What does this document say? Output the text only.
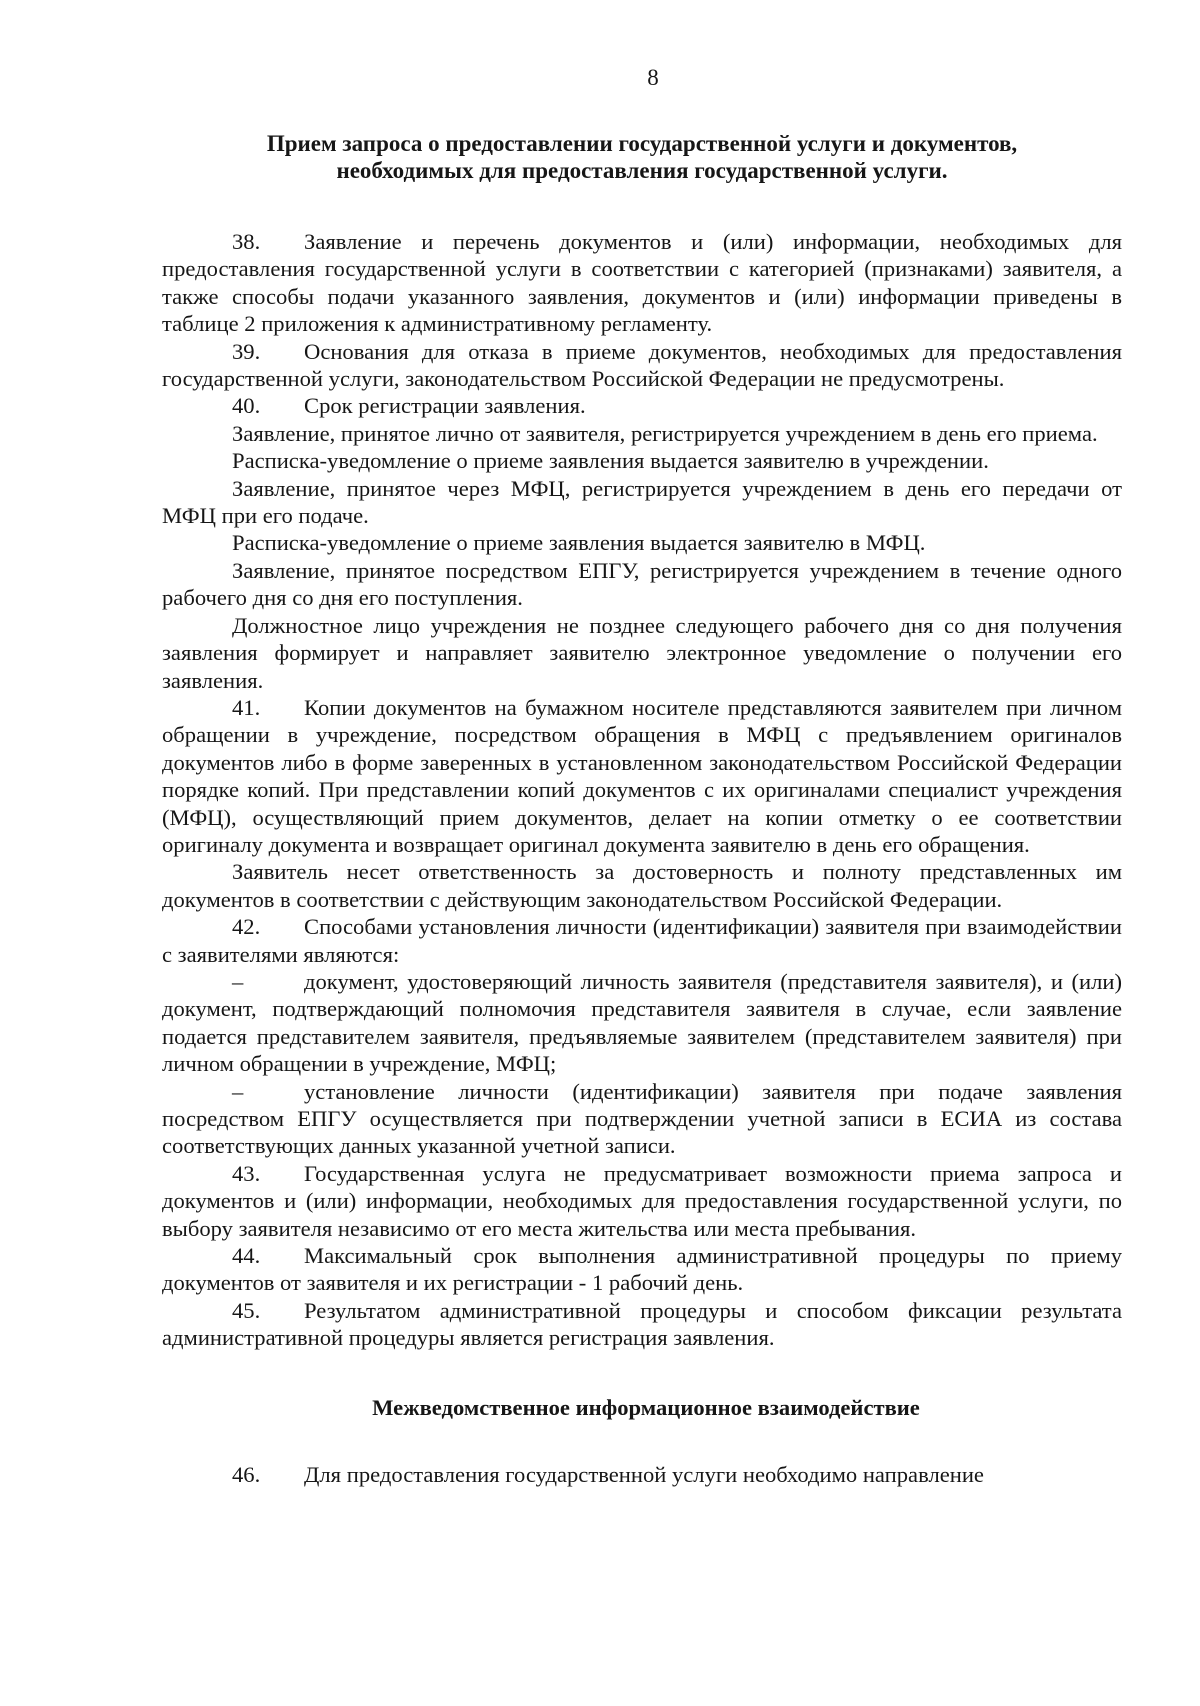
8
Прием запроса о предоставлении государственной услуги и документов,
необходимых для предоставления государственной услуги.

38. Заявление и перечень документов и (или) информации, необходимых для предоставления государственной услуги в соответствии с категорией (признаками) заявителя, а также способы подачи указанного заявления, документов и (или) информации приведены в таблице 2 приложения к административному регламенту.

39. Основания для отказа в приеме документов, необходимых для предоставления государственной услуги, законодательством Российской Федерации не предусмотрены.

40. Срок регистрации заявления.

Заявление, принятое лично от заявителя, регистрируется учреждением в день его приема.

Расписка-уведомление о приеме заявления выдается заявителю в учреждении.

Заявление, принятое через МФЦ, регистрируется учреждением в день его передачи от МФЦ при его подаче.

Расписка-уведомление о приеме заявления выдается заявителю в МФЦ.

Заявление, принятое посредством ЕПГУ, регистрируется учреждением в течение одного рабочего дня со дня его поступления.

Должностное лицо учреждения не позднее следующего рабочего дня со дня получения заявления формирует и направляет заявителю электронное уведомление о получении его заявления.

41. Копии документов на бумажном носителе представляются заявителем при личном обращении в учреждение, посредством обращения в МФЦ с предъявлением оригиналов документов либо в форме заверенных в установленном законодательством Российской Федерации порядке копий. При представлении копий документов с их оригиналами специалист учреждения (МФЦ), осуществляющий прием документов, делает на копии отметку о ее соответствии оригиналу документа и возвращает оригинал документа заявителю в день его обращения.

Заявитель несет ответственность за достоверность и полноту представленных им документов в соответствии с действующим законодательством Российской Федерации.

42. Способами установления личности (идентификации) заявителя при взаимодействии с заявителями являются:

–	документ, удостоверяющий личность заявителя (представителя заявителя), и (или) документ, подтверждающий полномочия представителя заявителя в случае, если заявление подается представителем заявителя, предъявляемые заявителем (представителем заявителя) при личном обращении в учреждение, МФЦ;

–	установление личности (идентификации) заявителя при подаче заявления посредством ЕПГУ осуществляется при подтверждении учетной записи в ЕСИА из состава соответствующих данных указанной учетной записи.

43. Государственная услуга не предусматривает возможности приема запроса и документов и (или) информации, необходимых для предоставления государственной услуги, по выбору заявителя независимо от его места жительства или места пребывания.

44. Максимальный срок выполнения административной процедуры по приему документов от заявителя и их регистрации - 1 рабочий день.

45. Результатом административной процедуры и способом фиксации результата административной процедуры является регистрация заявления.

Межведомственное информационное взаимодействие

46. Для предоставления государственной услуги необходимо направление
